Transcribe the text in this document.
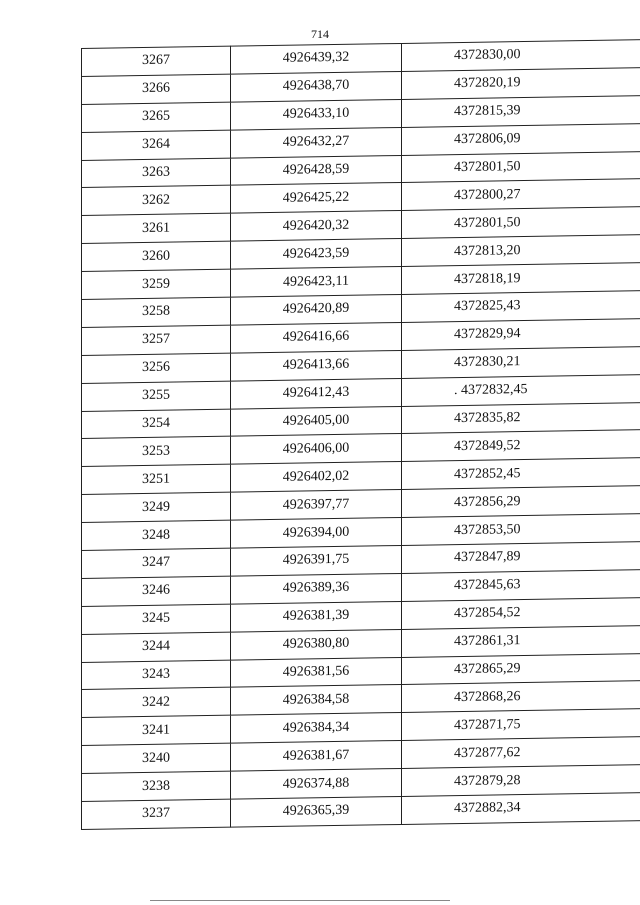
714
3267	4926439,32	4372830,00
3266	4926438,70	4372820,19
3265	4926433,10	4372815,39
3264	4926432,27	4372806,09
3263	4926428,59	4372801,50
3262	4926425,22	4372800,27
3261	4926420,32	4372801,50
3260	4926423,59	4372813,20
3259	4926423,11	4372818,19
3258	4926420,89	4372825,43
3257	4926416,66	4372829,94
3256	4926413,66	4372830,21
3255	4926412,43	. 4372832,45
3254	4926405,00	4372835,82
3253	4926406,00	4372849,52
3251	4926402,02	4372852,45
3249	4926397,77	4372856,29
3248	4926394,00	4372853,50
3247	4926391,75	4372847,89
3246	4926389,36	4372845,63
3245	4926381,39	4372854,52
3244	4926380,80	4372861,31
3243	4926381,56	4372865,29
3242	4926384,58	4372868,26
3241	4926384,34	4372871,75
3240	4926381,67	4372877,62
3238	4926374,88	4372879,28
3237	4926365,39	4372882,34
